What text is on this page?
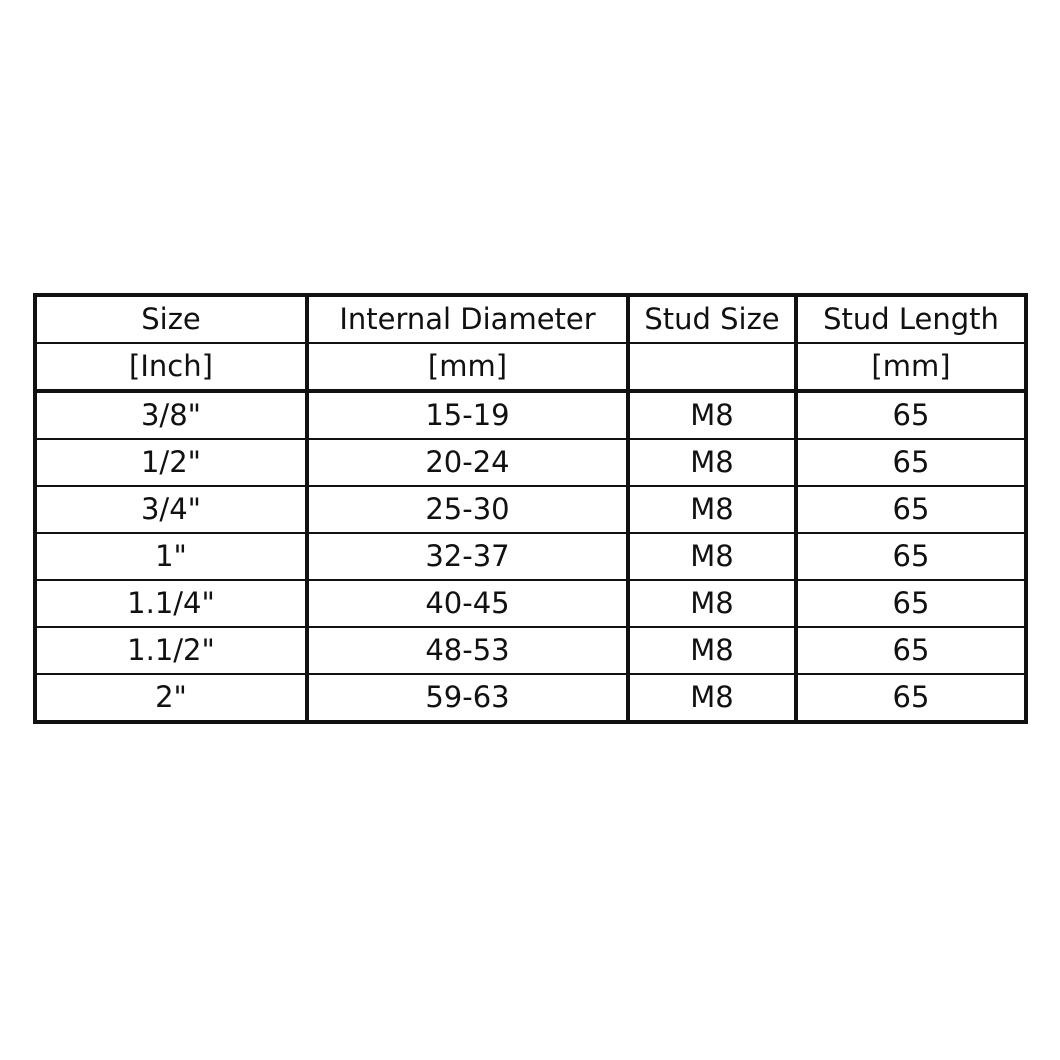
Size	Internal Diameter	Stud Size	Stud Length
[Inch]	[mm]		[mm]
3/8"	15-19	M8	65
1/2"	20-24	M8	65
3/4"	25-30	M8	65
1"	32-37	M8	65
1.1/4"	40-45	M8	65
1.1/2"	48-53	M8	65
2"	59-63	M8	65
